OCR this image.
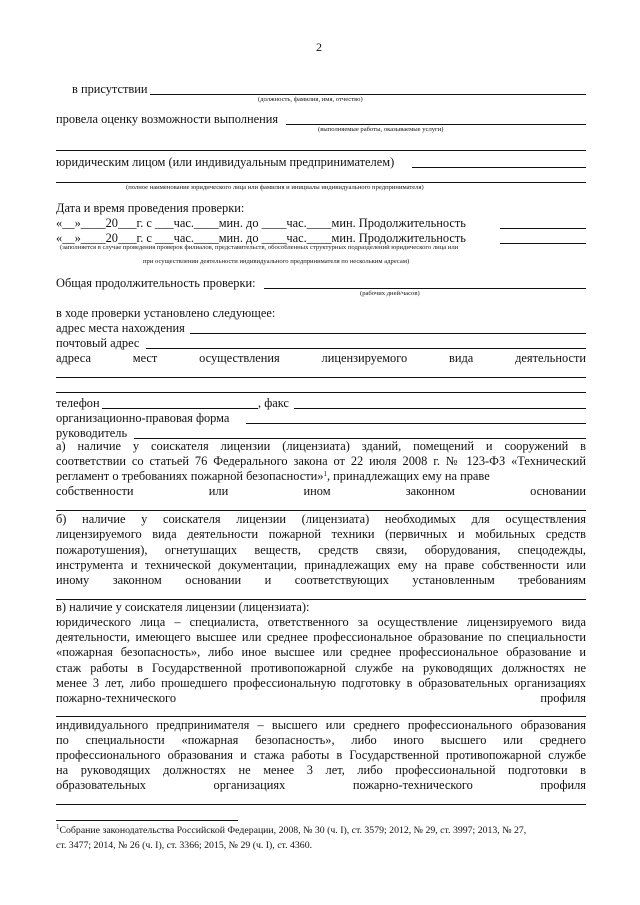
2
в присутствии
(должность, фамилия, имя, отчество)
провела оценку возможности выполнения
(выполняемые работы, оказываемые услуги)
юридическим лицом (или индивидуальным предпринимателем)
(полное наименование юридического лица или фамилия и инициалы индивидуального предпринимателя)
Дата и время проведения проверки:
«__»____20___г. с ___час.____мин. до ____час.____мин. Продолжительность
«__»____20___г. с ___час.____мин. до ____час.____мин. Продолжительность
(заполняется в случае проведения проверок филиалов, представительств, обособленных структурных подразделений юридического лица или
при осуществлении деятельности индивидуального предпринимателя по нескольким адресам)
Общая продолжительность проверки:
(рабочих дней/часов)
в ходе проверки установлено следующее:
адрес места нахождения
почтовый адрес
адреса	мест	осуществления	лицензируемого	вида	деятельности
телефон	, факс
организационно-правовая форма
руководитель
а) наличие у соискателя лицензии (лицензиата) зданий, помещений и сооружений в
соответствии со статьей 76 Федерального закона от 22 июля 2008 г. № 123-ФЗ «Технический
регламент о требованиях пожарной безопасности»$^1$, принадлежащих ему на праве
собственности	или	ином	законном	основании
б) наличие у соискателя лицензии (лицензиата) необходимых для осуществления
лицензируемого вида деятельности пожарной техники (первичных и мобильных средств
пожаротушения), огнетушащих веществ, средств связи, оборудования, спецодежды,
инструмента и технической документации, принадлежащих ему на праве собственности или
иному законном основании и соответствующих установленным требованиям
в) наличие у соискателя лицензии (лицензиата):
юридического лица – специалиста, ответственного за осуществление лицензируемого вида
деятельности, имеющего высшее или среднее профессиональное образование по специальности
«пожарная безопасность», либо иное высшее или среднее профессиональное образование и
стаж работы в Государственной противопожарной службе на руководящих должностях не
менее 3 лет, либо прошедшего профессиональную подготовку в образовательных организациях
пожарно-технического	профиля
индивидуального предпринимателя – высшего или среднего профессионального образования
по специальности «пожарная безопасность», либо иного высшего или среднего
профессионального образования и стажа работы в Государственной противопожарной службе
на руководящих должностях не менее 3 лет, либо профессиональной подготовки в
образовательных организациях пожарно-технического профиля
$^1$Собрание законодательства Российской Федерации, 2008, № 30 (ч. I), ст. 3579; 2012, № 29, ст. 3997; 2013, № 27,
ст. 3477; 2014, № 26 (ч. I), ст. 3366; 2015, № 29 (ч. I), ст. 4360.
